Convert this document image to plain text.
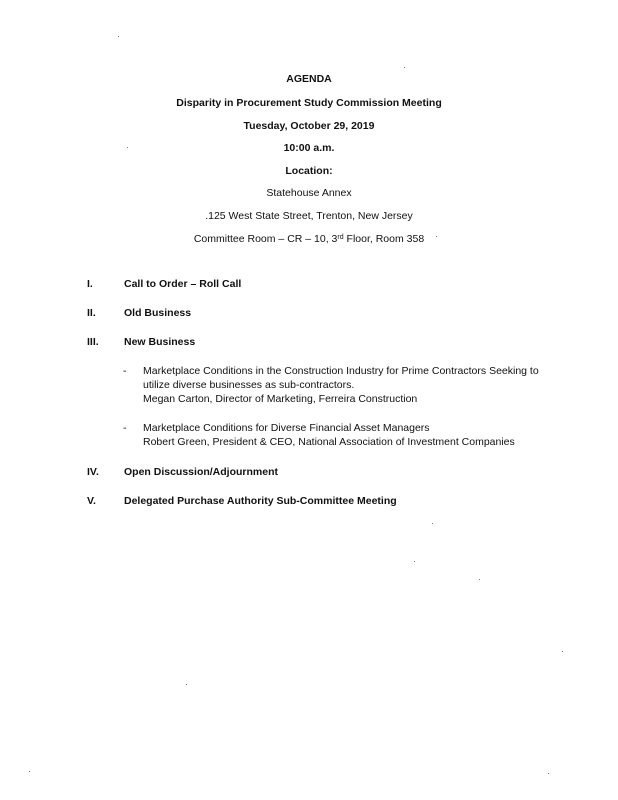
AGENDA
Disparity in Procurement Study Commission Meeting
Tuesday, October 29, 2019
10:00 a.m.
Location:
Statehouse Annex
.125 West State Street, Trenton, New Jersey
Committee Room – CR – 10, 3rd Floor, Room 358
I.	Call to Order – Roll Call
II.	Old Business
III. New Business
- Marketplace Conditions in the Construction Industry for Prime Contractors Seeking to
utilize diverse businesses as sub-contractors.
Megan Carton, Director of Marketing, Ferreira Construction
- Marketplace Conditions for Diverse Financial Asset Managers
Robert Green, President & CEO, National Association of Investment Companies
IV. Open Discussion/Adjournment
V.	Delegated Purchase Authority Sub-Committee Meeting
